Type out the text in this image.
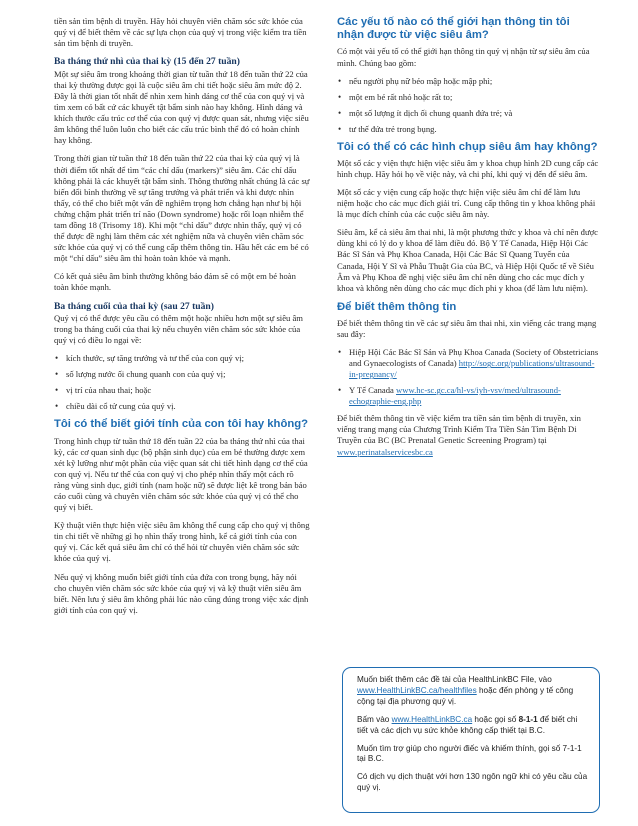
tiền sản tìm bệnh di truyền. Hãy hỏi chuyên viên chăm sóc sức khỏe của quý vị để biết thêm về các sự lựa chọn của quý vị trong việc kiểm tra tiền sản tìm bệnh di truyền.

Ba tháng thứ nhì của thai kỳ (15 đến 27 tuần)

Một sự siêu âm trong khoảng thời gian từ tuần thứ 18 đến tuần thứ 22 của thai kỳ thường được gọi là cuộc siêu âm chi tiết hoặc siêu âm mức độ 2. Đây là thời gian tốt nhất để nhìn xem hình dáng cơ thể của con quý vị và tìm xem có bất cứ các khuyết tật bẩm sinh nào hay không. Hình dáng và khích thước cấu trúc cơ thể của con quý vị được quan sát, nhưng việc siêu âm không thể luôn luôn cho biết các cấu trúc bình thể đó có hoàn chỉnh hay không.

Trong thời gian từ tuần thứ 18 đến tuần thứ 22 của thai kỳ của quý vị là thời điểm tốt nhất để tìm “các chỉ dấu (markers)” siêu âm. Các chỉ dấu không phải là các khuyết tật bẩm sinh. Thông thường nhất chúng là các sự biến đổi bình thường về sự tăng trưởng và phát triển và khi được nhìn thấy, có thể cho biết một vấn đề nghiêm trọng hơn chẳng hạn như bị hội chứng chậm phát triển trí não (Down syndrome) hoặc rối loạn nhiễm thể tam đồng 18 (Trisomy 18). Khi một “chỉ dấu” được nhìn thấy, quý vị có thể được đề nghị làm thêm các xét nghiệm nữa và chuyên viên chăm sóc sức khỏe của quý vị có thể cung cấp thêm thông tin. Hầu hết các em bé có một “chỉ dấu” siêu âm thì hoàn toàn khỏe và mạnh.

Có kết quả siêu âm bình thường không bảo đảm sẽ có một em bé hoàn toàn khỏe mạnh.

Ba tháng cuối của thai kỳ (sau 27 tuần)

Quý vị có thể được yêu cầu có thêm một hoặc nhiều hơn một sự siêu âm trong ba tháng cuối của thai kỳ nếu chuyên viên chăm sóc sức khỏe của quý vị có điều lo ngại về:

• kích thước, sự tăng trưởng và tư thế của con quý vị;
• số lượng nước ối chung quanh con của quý vị;
• vị trí của nhau thai; hoặc
• chiều dài cổ tử cung của quý vị.
Tôi có thể biết giới tính của con tôi hay không?

Trong hình chụp từ tuần thứ 18 đến tuần 22 của ba tháng thứ nhì của thai kỳ, các cơ quan sinh dục (bộ phận sinh dục) của em bé thường được xem xét kỹ lưỡng như một phần của việc quan sát chi tiết hình dạng cơ thể của con quý vị. Nếu tư thế của con quý vị cho phép nhìn thấy một cách rõ ràng vùng sinh dục, giới tính (nam hoặc nữ) sẽ được liệt kê trong bản báo cáo cuối cùng và chuyên viên chăm sóc sức khỏe của quý vị có thể cho quý vị biết.

Kỹ thuật viên thực hiện việc siêu âm không thể cung cấp cho quý vị thông tin chi tiết về những gì họ nhìn thấy trong hình, kể cả giới tính của con quý vị. Các kết quả siêu âm chỉ có thể hỏi từ chuyên viên chăm sóc sức khỏe của quý vị.

Nếu quý vị không muốn biết giới tính của đứa con trong bụng, hãy nói cho chuyên viên chăm sóc sức khỏe của quý vị và kỹ thuật viên siêu âm biết. Nên lưu ý siêu âm không phải lúc nào cũng đúng trong việc xác định giới tính của con quý vị.

Các yếu tố nào có thể giới hạn thông tin tôi nhận được từ việc siêu âm?

Có một vài yếu tố có thể giới hạn thông tin quý vị nhận từ sự siêu âm của mình. Chúng bao gồm:

• nếu người phụ nữ béo mập hoặc mập phì;
• một em bé rất nhỏ hoặc rất to;
• một số lượng ít dịch ối chung quanh đứa trẻ; và
• tư thế đứa trẻ trong bụng.
Tôi có thể có các hình chụp siêu âm hay không?

Một số các y viện thực hiện việc siêu âm y khoa chụp hình 2D cung cấp các hình chụp. Hãy hỏi họ về việc này, và chi phí, khi quý vị đến để siêu âm.

Một số các y viện cung cấp hoặc thực hiện việc siêu âm chỉ để làm lưu niệm hoặc cho các mục đích giải trí. Cung cấp thông tin y khoa không phải là mục đích chính của các cuộc siêu âm này.

Siêu âm, kể cả siêu âm thai nhi, là một phương thức y khoa và chỉ nên được dùng khi có lý do y khoa để làm điều đó. Bộ Y Tế Canada, Hiệp Hội Các Bác Sĩ Sản và Phụ Khoa Canada, Hội Các Bác Sĩ Quang Tuyến của Canada, Hội Y Sĩ và Phẫu Thuật Gia của BC, và Hiệp Hội Quốc tế về Siêu Âm và Phụ Khoa đề nghị việc siêu âm chỉ nên dùng cho các mục đích y khoa và không nên dùng cho các mục đích phi y khoa (để làm lưu niệm).

Để biết thêm thông tin

Để biết thêm thông tin về các sự siêu âm thai nhi, xin viếng các trang mạng sau đây:

• Hiệp Hội Các Bác Sĩ Sản và Phụ Khoa Canada (Society of Obstetricians and Gynaecologists of Canada) http://sogc.org/publications/ultrasound-in-pregnancy/
• Y Tế Canada www.hc-sc.gc.ca/hl-vs/iyh-vsv/med/ultrasound-echographie-eng.php

Để biết thêm thông tin về việc kiểm tra tiền sản tìm bệnh di truyền, xin viếng trang mạng của Chương Trình Kiểm Tra Tiền Sản Tìm Bệnh Di Truyền của BC (BC Prenatal Genetic Screening Program) tại www.perinatalservicesbc.ca

Muốn biết thêm các đề tài của HealthLinkBC File, vào www.HealthLinkBC.ca/healthfiles hoặc đến phòng y tế công cộng tại địa phương quý vị.

Bấm vào www.HealthLinkBC.ca hoặc gọi số 8-1-1 để biết chi tiết và các dịch vụ sức khỏe không cấp thiết tại B.C.

Muốn tìm trợ giúp cho người điếc và khiếm thính, gọi số 7-1-1 tại B.C.

Có dịch vụ dịch thuật với hơn 130 ngôn ngữ khi có yêu cầu của quý vị.
